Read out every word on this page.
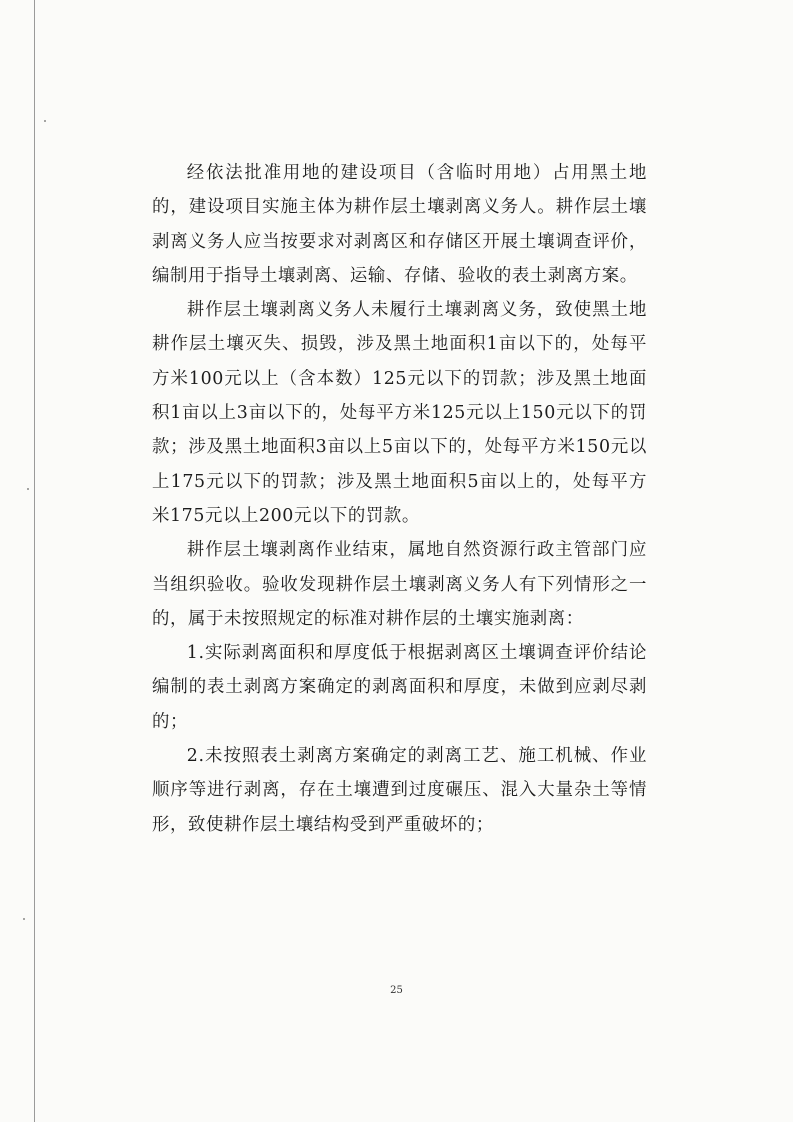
经依法批准用地的建设项目（含临时用地）占用黑土地的，建设项目实施主体为耕作层土壤剥离义务人。耕作层土壤剥离义务人应当按要求对剥离区和存储区开展土壤调查评价，编制用于指导土壤剥离、运输、存储、验收的表土剥离方案。

耕作层土壤剥离义务人未履行土壤剥离义务，致使黑土地耕作层土壤灭失、损毁，涉及黑土地面积1亩以下的，处每平方米100元以上（含本数）125元以下的罚款；涉及黑土地面积1亩以上3亩以下的，处每平方米125元以上150元以下的罚款；涉及黑土地面积3亩以上5亩以下的，处每平方米150元以上175元以下的罚款；涉及黑土地面积5亩以上的，处每平方米175元以上200元以下的罚款。

耕作层土壤剥离作业结束，属地自然资源行政主管部门应当组织验收。验收发现耕作层土壤剥离义务人有下列情形之一的，属于未按照规定的标准对耕作层的土壤实施剥离：

1.实际剥离面积和厚度低于根据剥离区土壤调查评价结论编制的表土剥离方案确定的剥离面积和厚度，未做到应剥尽剥的；

2.未按照表土剥离方案确定的剥离工艺、施工机械、作业顺序等进行剥离，存在土壤遭到过度碾压、混入大量杂土等情形，致使耕作层土壤结构受到严重破坏的；

25
